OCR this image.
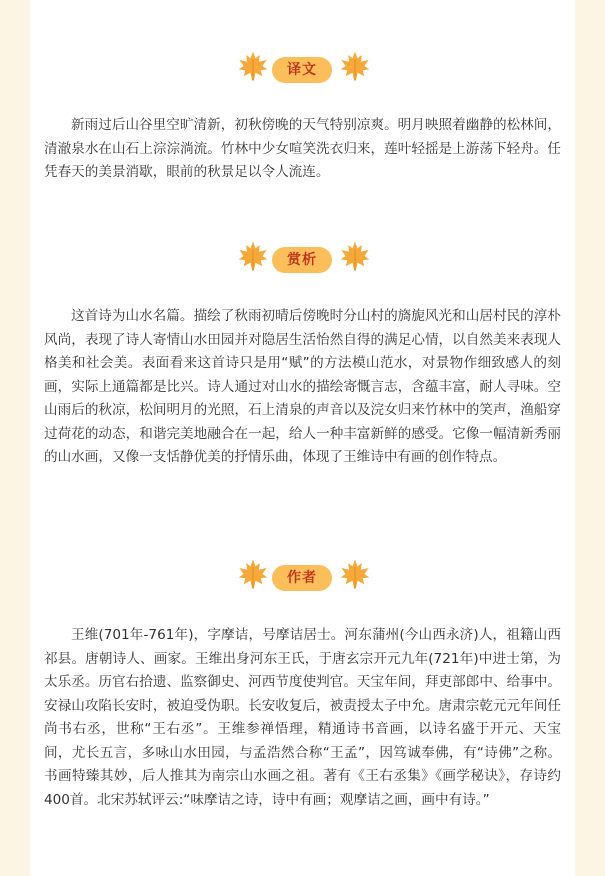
译文

新雨过后山谷里空旷清新，初秋傍晚的天气特别凉爽。明月映照着幽静的松林间，清澈泉水在山石上淙淙淌流。竹林中少女喧笑洗衣归来，莲叶轻摇是上游荡下轻舟。任凭春天的美景消歇，眼前的秋景足以令人流连。

赏析

这首诗为山水名篇。描绘了秋雨初晴后傍晚时分山村的旖旎风光和山居村民的淳朴风尚，表现了诗人寄情山水田园并对隐居生活怡然自得的满足心情，以自然美来表现人格美和社会美。表面看来这首诗只是用“赋”的方法模山范水，对景物作细致感人的刻画，实际上通篇都是比兴。诗人通过对山水的描绘寄慨言志，含蕴丰富，耐人寻味。空山雨后的秋凉，松间明月的光照，石上清泉的声音以及浣女归来竹林中的笑声，渔船穿过荷花的动态，和谐完美地融合在一起，给人一种丰富新鲜的感受。它像一幅清新秀丽的山水画，又像一支恬静优美的抒情乐曲，体现了王维诗中有画的创作特点。

作者

王维(701年-761年)，字摩诘，号摩诘居士。河东蒲州(今山西永济)人，祖籍山西祁县。唐朝诗人、画家。王维出身河东王氏，于唐玄宗开元九年(721年)中进士第，为太乐丞。历官右拾遗、监察御史、河西节度使判官。天宝年间，拜吏部郎中、给事中。安禄山攻陷长安时，被迫受伪职。长安收复后，被责授太子中允。唐肃宗乾元元年间任尚书右丞，世称“王右丞”。王维参禅悟理，精通诗书音画，以诗名盛于开元、天宝间，尤长五言，多咏山水田园，与孟浩然合称“王孟”，因笃诚奉佛，有“诗佛”之称。书画特臻其妙，后人推其为南宗山水画之祖。著有《王右丞集》《画学秘诀》，存诗约400首。北宋苏轼评云:“味摩诘之诗，诗中有画；观摩诘之画，画中有诗。”
